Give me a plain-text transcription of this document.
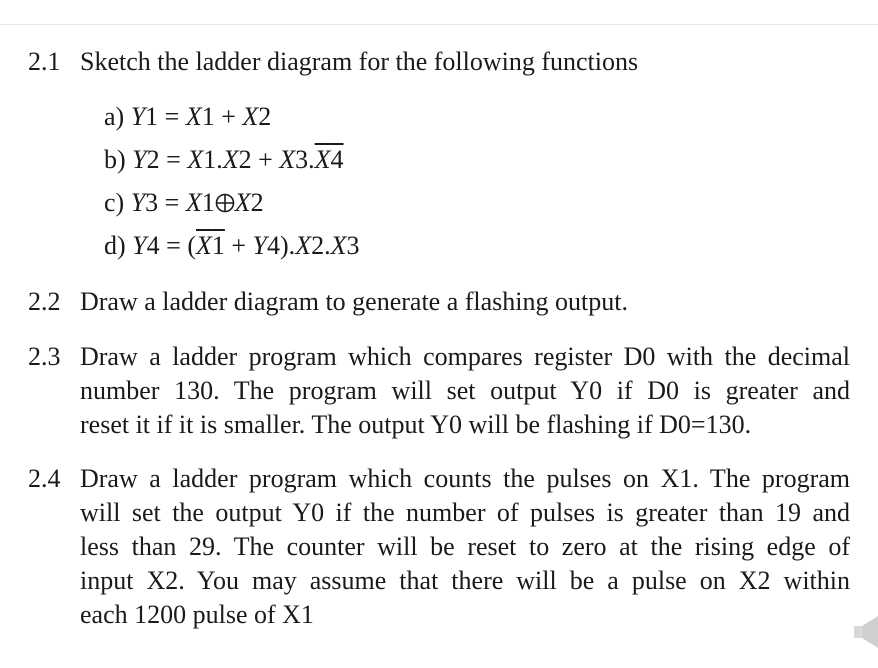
2.1 Sketch the ladder diagram for the following functions
a) Y1 = X1 + X2
b) Y2 = X1.X2 + X3.X4
c) Y3 = X1 X2
d) Y4 = (X1 + Y4).X2.X3
2.2 Draw a ladder diagram to generate a flashing output.
2.3 Draw a ladder program which compares register D0 with the decimal
number 130. The program will set output Y0 if D0 is greater and
reset it if it is smaller. The output Y0 will be flashing if D0=130.
2.4 Draw a ladder program which counts the pulses on X1. The program
will set the output Y0 if the number of pulses is greater than 19 and
less than 29. The counter will be reset to zero at the rising edge of
input X2. You may assume that there will be a pulse on X2 within
each 1200 pulse of X1
